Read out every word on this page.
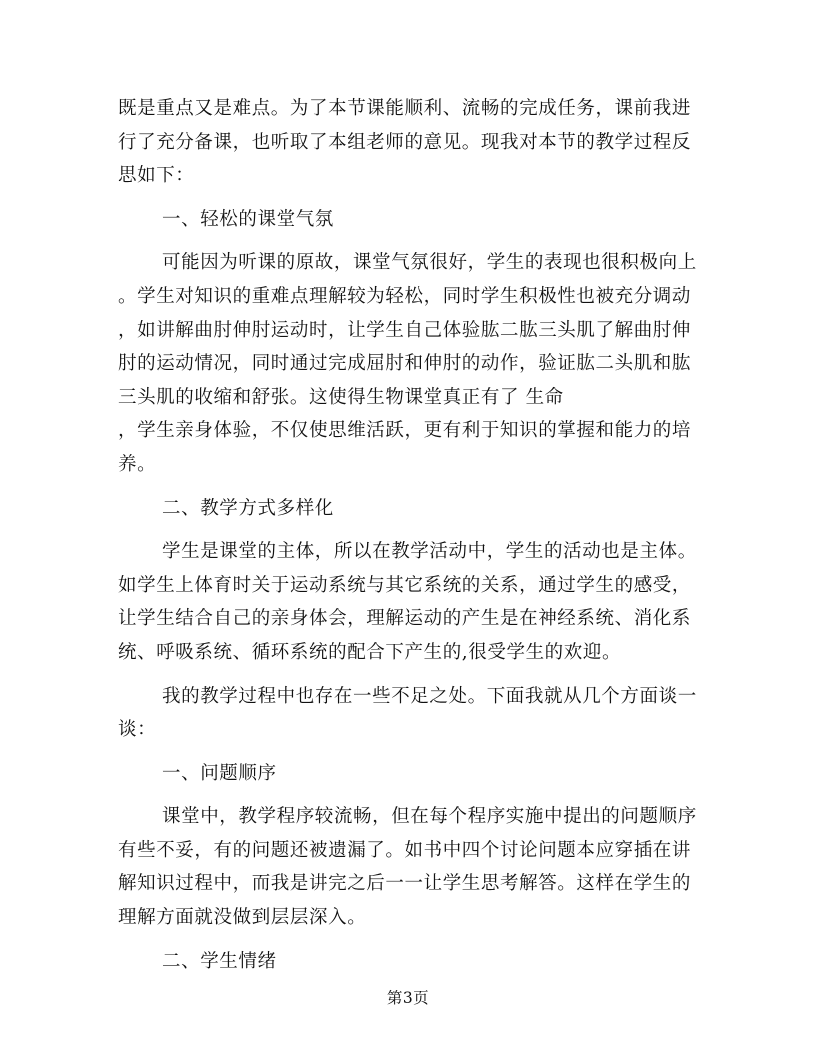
既是重点又是难点。为了本节课能顺利、流畅的完成任务，课前我进
行了充分备课，也听取了本组老师的意见。现我对本节的教学过程反
思如下：
一、轻松的课堂气氛
可能因为听课的原故，课堂气氛很好，学生的表现也很积极向上
。学生对知识的重难点理解较为轻松，同时学生积极性也被充分调动
，如讲解曲肘伸肘运动时，让学生自己体验肱二肱三头肌了解曲肘伸
肘的运动情况，同时通过完成屈肘和伸肘的动作，验证肱二头肌和肱
三头肌的收缩和舒张。这使得生物课堂真正有了 生命
，学生亲身体验，不仅使思维活跃，更有利于知识的掌握和能力的培
养。
二、教学方式多样化
学生是课堂的主体，所以在教学活动中，学生的活动也是主体。
如学生上体育时关于运动系统与其它系统的关系，通过学生的感受，
让学生结合自己的亲身体会，理解运动的产生是在神经系统、消化系
统、呼吸系统、循环系统的配合下产生的,很受学生的欢迎。
我的教学过程中也存在一些不足之处。下面我就从几个方面谈一
谈：
一、问题顺序
课堂中，教学程序较流畅，但在每个程序实施中提出的问题顺序
有些不妥，有的问题还被遗漏了。如书中四个讨论问题本应穿插在讲
解知识过程中，而我是讲完之后一一让学生思考解答。这样在学生的
理解方面就没做到层层深入。
二、学生情绪
第3页
